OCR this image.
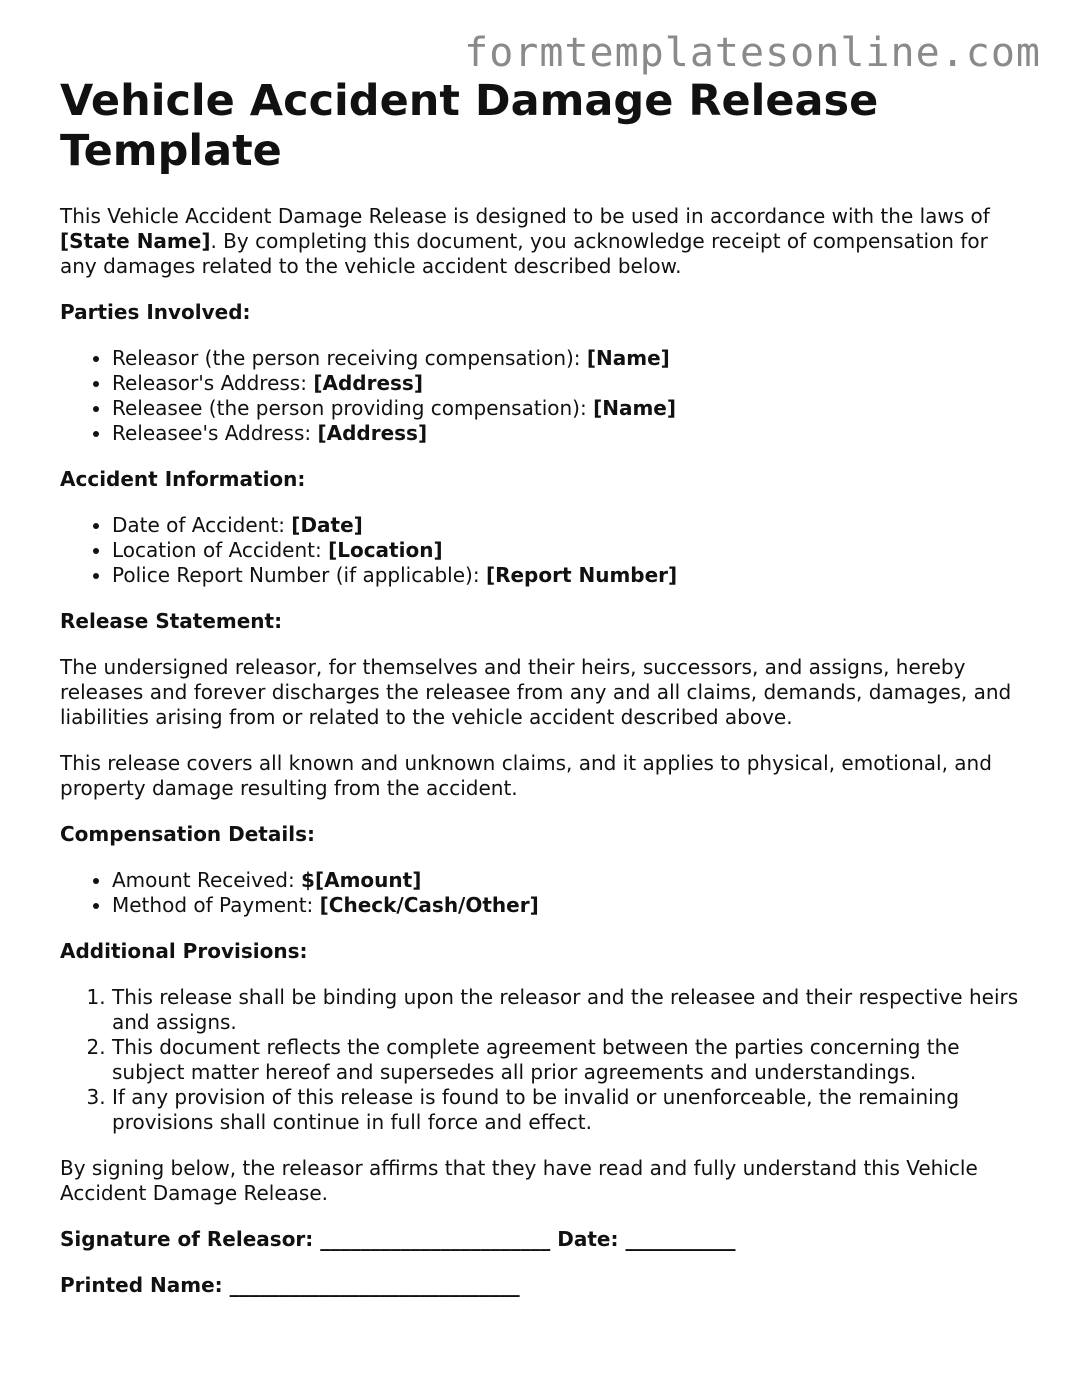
formtemplatesonline.com
Vehicle Accident Damage Release Template

This Vehicle Accident Damage Release is designed to be used in accordance with the laws of [State Name]. By completing this document, you acknowledge receipt of compensation for any damages related to the vehicle accident described below.

Parties Involved:
• Releasor (the person receiving compensation): [Name]
• Releasor's Address: [Address]
• Releasee (the person providing compensation): [Name]
• Releasee's Address: [Address]
Accident Information:
• Date of Accident: [Date]
• Location of Accident: [Location]
• Police Report Number (if applicable): [Report Number]
Release Statement:

The undersigned releasor, for themselves and their heirs, successors, and assigns, hereby releases and forever discharges the releasee from any and all claims, demands, damages, and liabilities arising from or related to the vehicle accident described above.

This release covers all known and unknown claims, and it applies to physical, emotional, and property damage resulting from the accident.

Compensation Details:
• Amount Received: $[Amount]
• Method of Payment: [Check/Cash/Other]
Additional Provisions:
1. This release shall be binding upon the releasor and the releasee and their respective heirs and assigns.
2. This document reflects the complete agreement between the parties concerning the subject matter hereof and supersedes all prior agreements and understandings.
3. If any provision of this release is found to be invalid or unenforceable, the remaining provisions shall continue in full force and effect.

By signing below, the releasor affirms that they have read and fully understand this Vehicle Accident Damage Release.

Signature of Releasor: _______________________ Date: ___________
Printed Name: _____________________________
